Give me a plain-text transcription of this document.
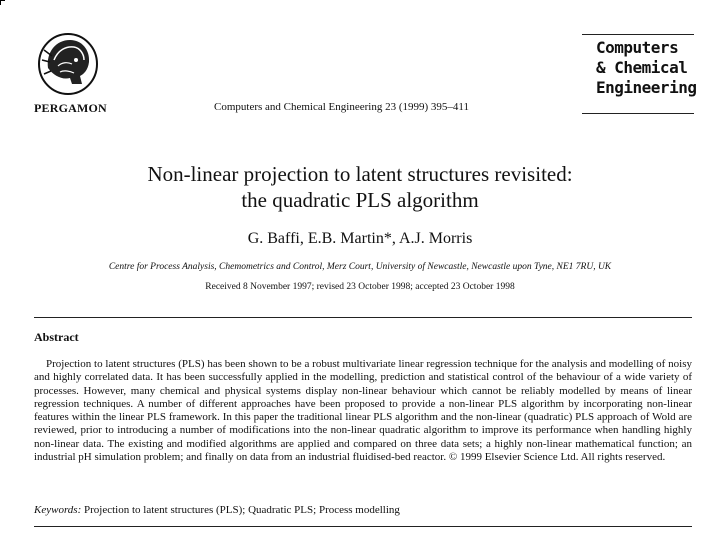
PERGAMON	Computers and Chemical Engineering 23 (1999) 395–411
Computers
& Chemical
Engineering
Non-linear projection to latent structures revisited:
the quadratic PLS algorithm
G. Baffi, E.B. Martin*, A.J. Morris
Centre for Process Analysis, Chemometrics and Control, Merz Court, University of Newcastle, Newcastle upon Tyne, NE1 7RU, UK
Received 8 November 1997; revised 23 October 1998; accepted 23 October 1998
Abstract

Projection to latent structures (PLS) has been shown to be a robust multivariate linear regression technique for the analysis and modelling of noisy and highly correlated data. It has been successfully applied in the modelling, prediction and statistical control of the behaviour of a wide variety of processes. However, many chemical and physical systems display non-linear behaviour which cannot be reliably modelled by means of linear regression techniques. A number of different approaches have been proposed to provide a non-linear PLS algorithm by incorporating non-linear features within the linear PLS framework. In this paper the traditional linear PLS algorithm and the non-linear (quadratic) PLS approach of Wold are reviewed, prior to introducing a number of modifications into the non-linear quadratic algorithm to improve its performance when handling highly non-linear data. The existing and modified algorithms are applied and compared on three data sets; a highly non-linear mathematical function; an industrial pH simulation problem; and finally on data from an industrial fluidised-bed reactor. © 1999 Elsevier Science Ltd. All rights reserved.

Keywords: Projection to latent structures (PLS); Quadratic PLS; Process modelling
